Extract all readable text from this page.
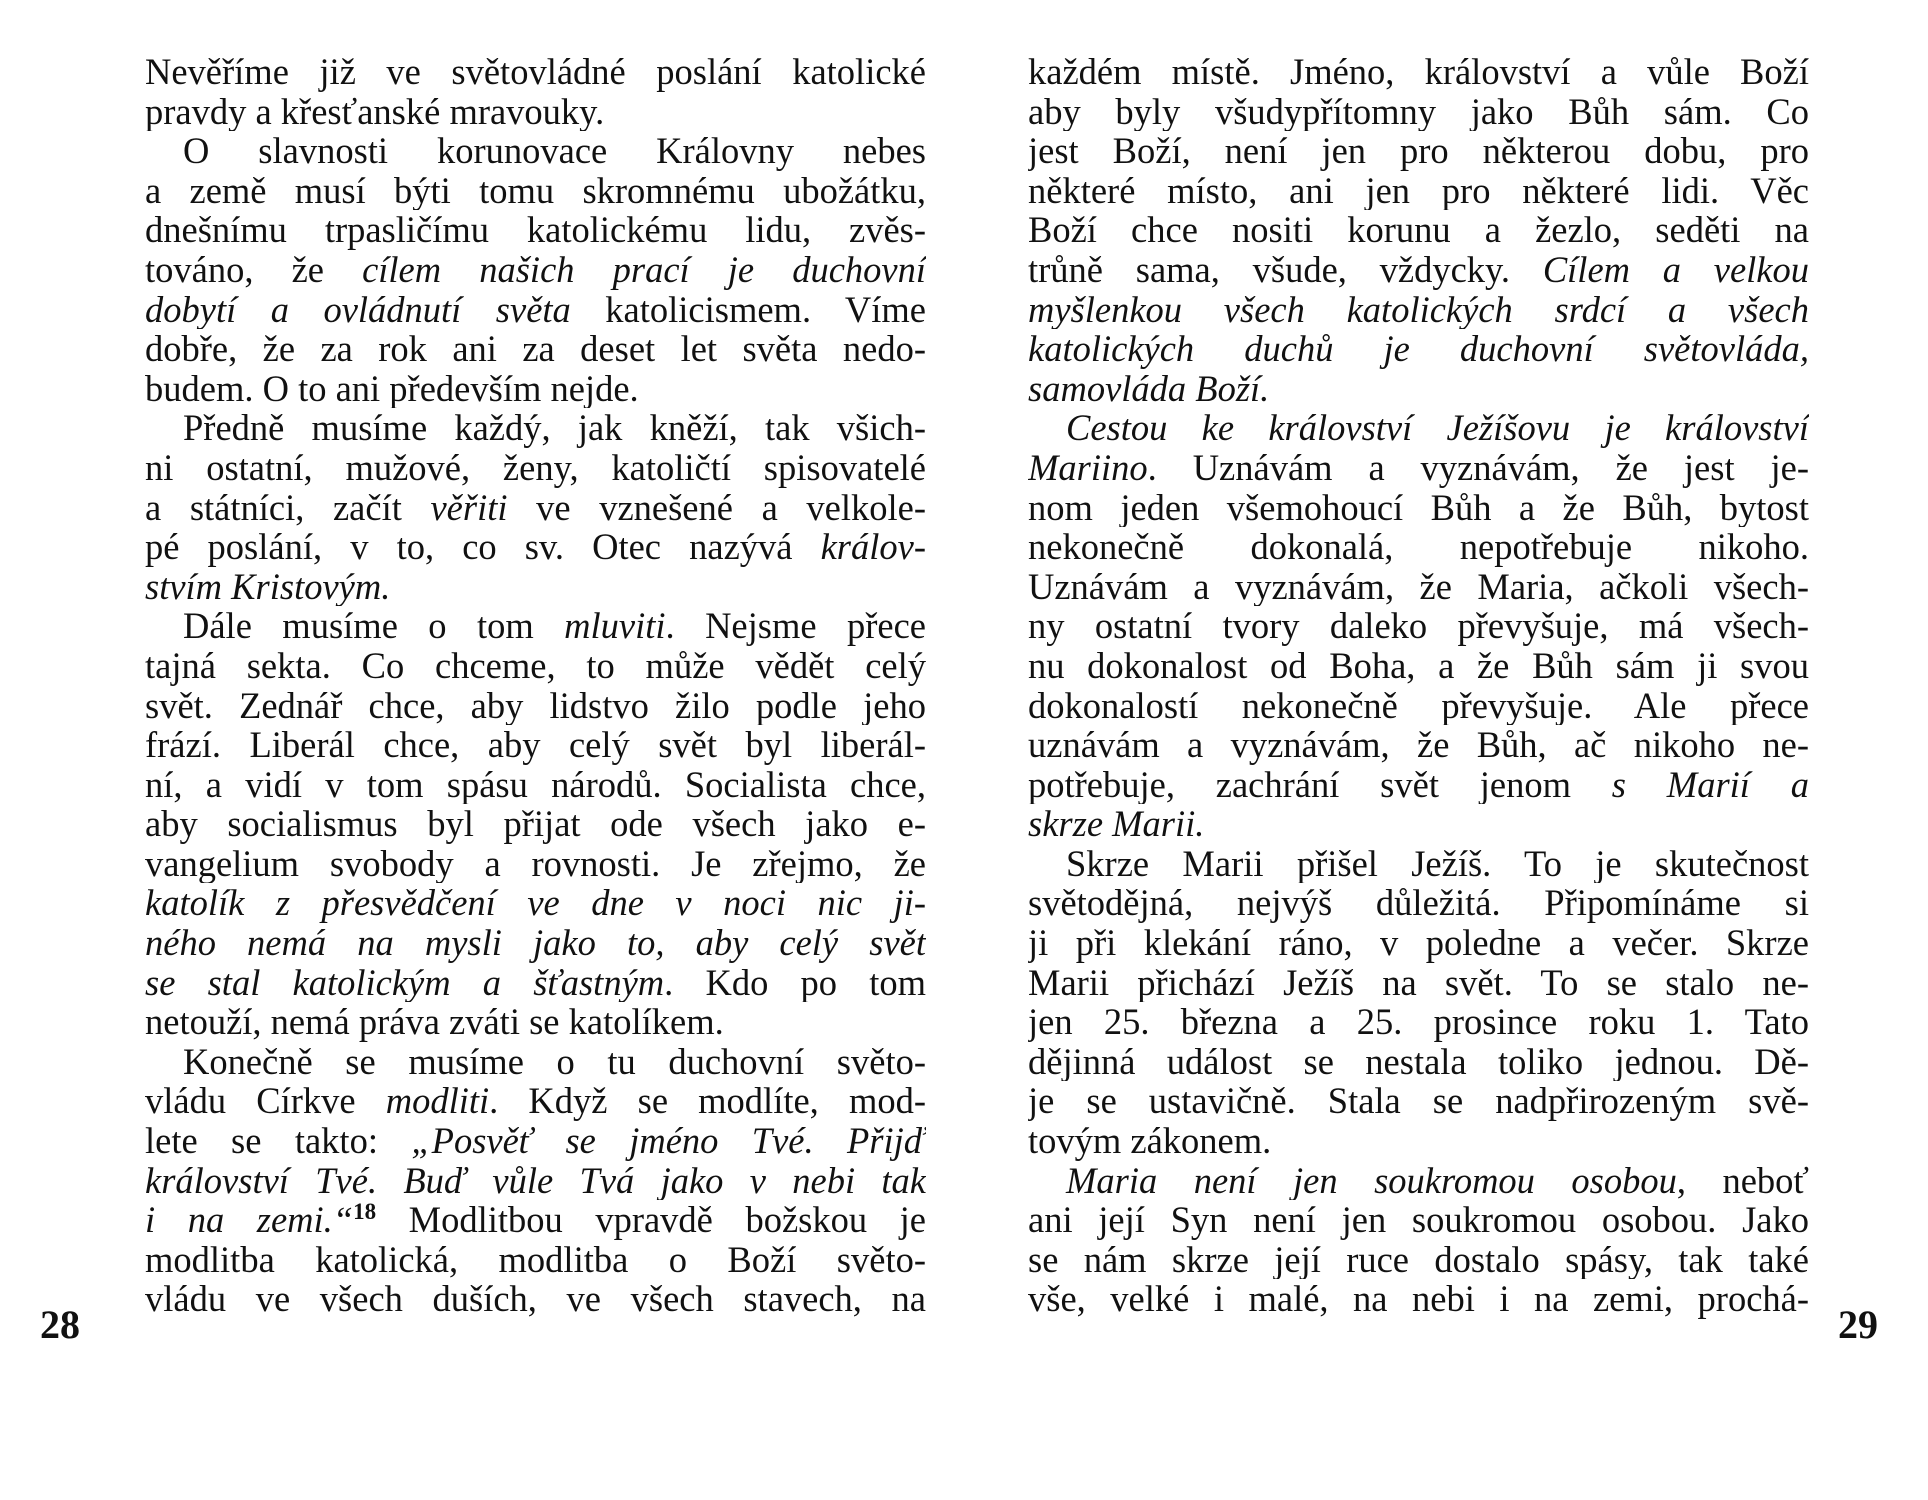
Nevěříme již ve světovládné poslání katolické
pravdy a křesťanské mravouky.
O slavnosti korunovace Královny nebes
a země musí býti tomu skromnému ubožátku,
dnešnímu trpasličímu katolickému lidu, zvěs-
továno, že cílem našich prací je duchovní
dobytí a ovládnutí světa katolicismem. Víme
dobře, že za rok ani za deset let světa nedo-
budem. O to ani především nejde.
Předně musíme každý, jak kněží, tak všich-
ni ostatní, mužové, ženy, katoličtí spisovatelé
a státníci, začít věřiti ve vznešené a velkole-
pé poslání, v to, co sv. Otec nazývá králov-
stvím Kristovým.
Dále musíme o tom mluviti. Nejsme přece
tajná sekta. Co chceme, to může vědět celý
svět. Zednář chce, aby lidstvo žilo podle jeho
frází. Liberál chce, aby celý svět byl liberál-
ní, a vidí v tom spásu národů. Socialista chce,
aby socialismus byl přijat ode všech jako e-
vangelium svobody a rovnosti. Je zřejmo, že
katolík z přesvědčení ve dne v noci nic ji-
ného nemá na mysli jako to, aby celý svět
se stal katolickým a šťastným. Kdo po tom
netouží, nemá práva zváti se katolíkem.
Konečně se musíme o tu duchovní světo-
vládu Církve modliti. Když se modlíte, mod-
lete se takto: „Posvěť se jméno Tvé. Přijď
království Tvé. Buď vůle Tvá jako v nebi tak
i na zemi.“$^{18}$ Modlitbou vpravdě božskou je
modlitba katolická, modlitba o Boží světo-
vládu ve všech duších, ve všech stavech, na
každém místě. Jméno, království a vůle Boží
aby byly všudypřítomny jako Bůh sám. Co
jest Boží, není jen pro některou dobu, pro
některé místo, ani jen pro některé lidi. Věc
Boží chce nositi korunu a žezlo, seděti na
trůně sama, všude, vždycky. Cílem a velkou
myšlenkou všech katolických srdcí a všech
katolických duchů je duchovní světovláda,
samovláda Boží.
Cestou ke království Ježíšovu je království
Mariino. Uznávám a vyznávám, že jest je-
nom jeden všemohoucí Bůh a že Bůh, bytost
nekonečně dokonalá, nepotřebuje nikoho.
Uznávám a vyznávám, že Maria, ačkoli všech-
ny ostatní tvory daleko převyšuje, má všech-
nu dokonalost od Boha, a že Bůh sám ji svou
dokonalostí nekonečně převyšuje. Ale přece
uznávám a vyznávám, že Bůh, ač nikoho ne-
potřebuje, zachrání svět jenom s Marií a
skrze Marii.
Skrze Marii přišel Ježíš. To je skutečnost
světodějná, nejvýš důležitá. Připomínáme si
ji při klekání ráno, v poledne a večer. Skrze
Marii přichází Ježíš na svět. To se stalo ne-
jen 25. března a 25. prosince roku 1. Tato
dějinná událost se nestala toliko jednou. Dě-
je se ustavičně. Stala se nadpřirozeným svě-
tovým zákonem.
Maria není jen soukromou osobou, neboť
ani její Syn není jen soukromou osobou. Jako
se nám skrze její ruce dostalo spásy, tak také
vše, velké i malé, na nebi i na zemi, prochá-
28	29
